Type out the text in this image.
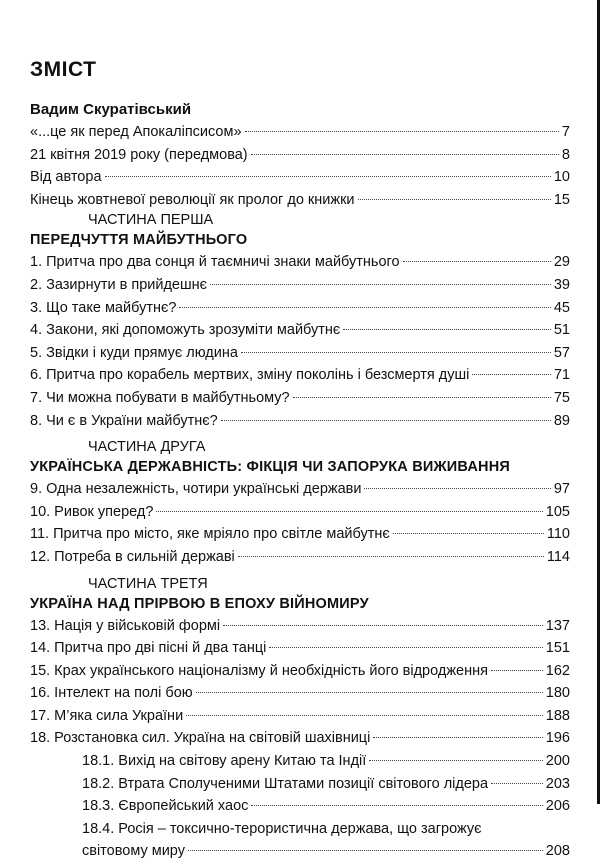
ЗМІСТ
Вадим Скуратівський
«...це як перед Апокаліпсисом»	7
21 квітня 2019 року (передмова)	8
Від автора	10
Кінець жовтневої революції як пролог до книжки	15
ЧАСТИНА ПЕРША
ПЕРЕДЧУТТЯ МАЙБУТНЬОГО
1. Притча про два сонця й таємничі знаки майбутнього	29
2. Зазирнути в прийдешнє	39
3. Що таке майбутнє?	45
4. Закони, які допоможуть зрозуміти майбутнє	51
5. Звідки і куди прямує людина	57
6. Притча про корабель мертвих, зміну поколінь і безсмертя душі	71
7. Чи можна побувати в майбутньому?	75
8. Чи є в України майбутнє?	89
ЧАСТИНА ДРУГА
УКРАЇНСЬКА ДЕРЖАВНІСТЬ: ФІКЦІЯ ЧИ ЗАПОРУКА ВИЖИВАННЯ
9. Одна незалежність, чотири українські держави	97
10. Ривок уперед?	105
11. Притча про місто, яке мріяло про світле майбутнє	110
12. Потреба в сильній державі	114
ЧАСТИНА ТРЕТЯ
УКРАЇНА НАД ПРІРВОЮ В ЕПОХУ ВІЙНОМИРУ
13. Нація у військовій формі	137
14. Притча про дві пісні й два танці	151
15. Крах українського націоналізму й необхідність його відродження	162
16. Інтелект на полі бою	180
17. М’яка сила України	188
18. Розстановка сил. Україна на світовій шахівниці	196
18.1. Вихід на світову арену Китаю та Індії	200
18.2. Втрата Сполученими Штатами позиції світового лідера	203
18.3. Європейський хаос	206
18.4. Росія – токсично-терористична держава, що загрожує
світовому миру	208
